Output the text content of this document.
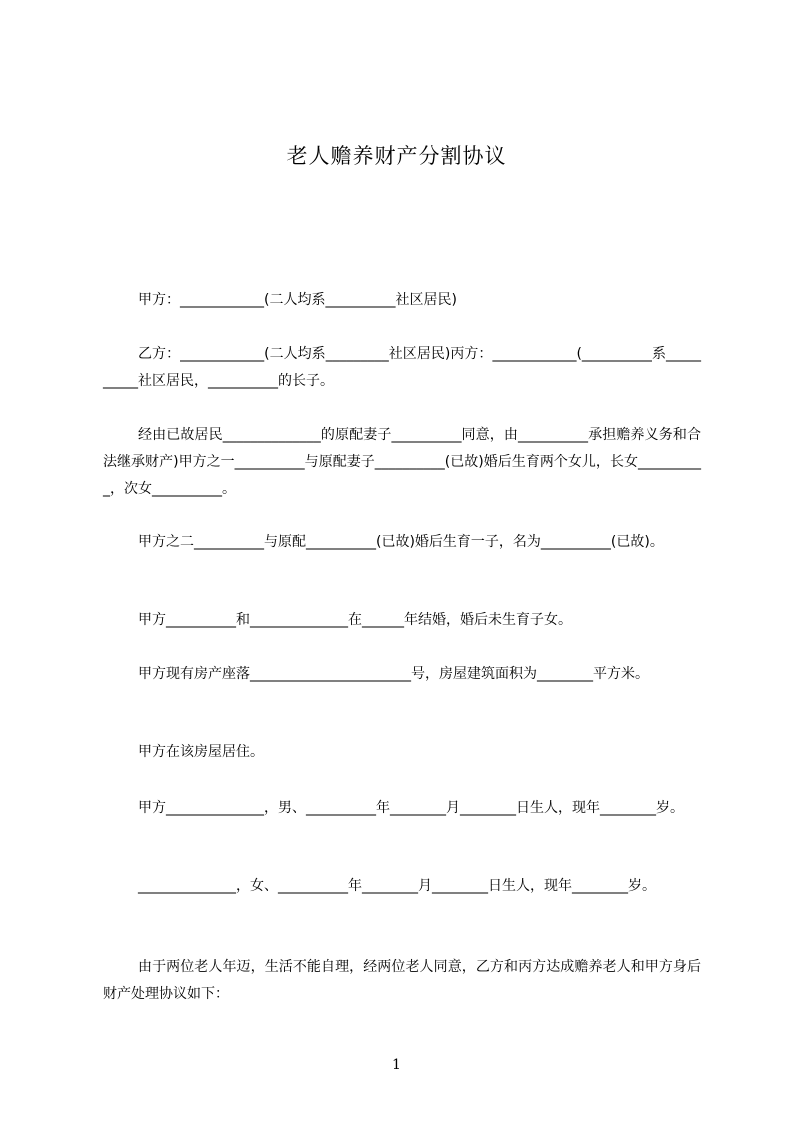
老人赡养财产分割协议

甲方：____________(二人均系__________社区居民)

乙方：____________(二人均系_________社区居民)丙方：____________(__________系__________社区居民，__________的长子。

经由已故居民______________的原配妻子__________同意，由__________承担赡养义务和合法继承财产)甲方之一__________与原配妻子__________(已故)婚后生育两个女儿，长女__________，次女__________。

甲方之二__________与原配__________(已故)婚后生育一子，名为__________(已故)。

甲方__________和______________在______年结婚，婚后未生育子女。

甲方现有房产座落_______________________号，房屋建筑面积为________平方米。

甲方在该房屋居住。

甲方______________，男、__________年________月________日生人，现年________岁。

______________，女、__________年________月________日生人，现年________岁。

由于两位老人年迈，生活不能自理，经两位老人同意，乙方和丙方达成赡养老人和甲方身后财产处理协议如下：

1
